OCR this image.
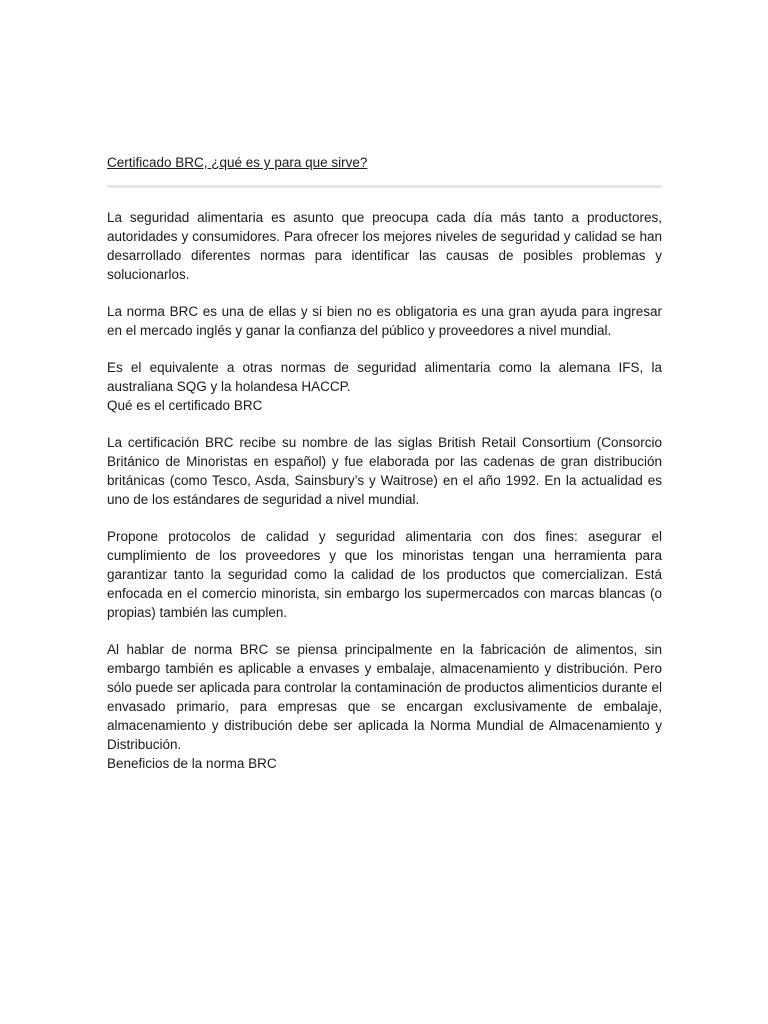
Certificado BRC, ¿qué es y para que sirve?

La seguridad alimentaria es asunto que preocupa cada día más tanto a productores, autoridades y consumidores. Para ofrecer los mejores niveles de seguridad y calidad se han desarrollado diferentes normas para identificar las causas de posibles problemas y solucionarlos.

La norma BRC es una de ellas y si bien no es obligatoria es una gran ayuda para ingresar en el mercado inglés y ganar la confianza del público y proveedores a nivel mundial.

Es el equivalente a otras normas de seguridad alimentaria como la alemana IFS, la australiana SQG y la holandesa HACCP.

Qué es el certificado BRC

La certificación BRC recibe su nombre de las siglas British Retail Consortium (Consorcio Británico de Minoristas en español) y fue elaborada por las cadenas de gran distribución británicas (como Tesco, Asda, Sainsbury’s y Waitrose) en el año 1992. En la actualidad es uno de los estándares de seguridad a nivel mundial.

Propone protocolos de calidad y seguridad alimentaria con dos fines: asegurar el cumplimiento de los proveedores y que los minoristas tengan una herramienta para garantizar tanto la seguridad como la calidad de los productos que comercializan. Está enfocada en el comercio minorista, sin embargo los supermercados con marcas blancas (o propias) también las cumplen.

Al hablar de norma BRC se piensa principalmente en la fabricación de alimentos, sin embargo también es aplicable a envases y embalaje, almacenamiento y distribución. Pero sólo puede ser aplicada para controlar la contaminación de productos alimenticios durante el envasado primario, para empresas que se encargan exclusivamente de embalaje, almacenamiento y distribución debe ser aplicada la Norma Mundial de Almacenamiento y Distribución.

Beneficios de la norma BRC
